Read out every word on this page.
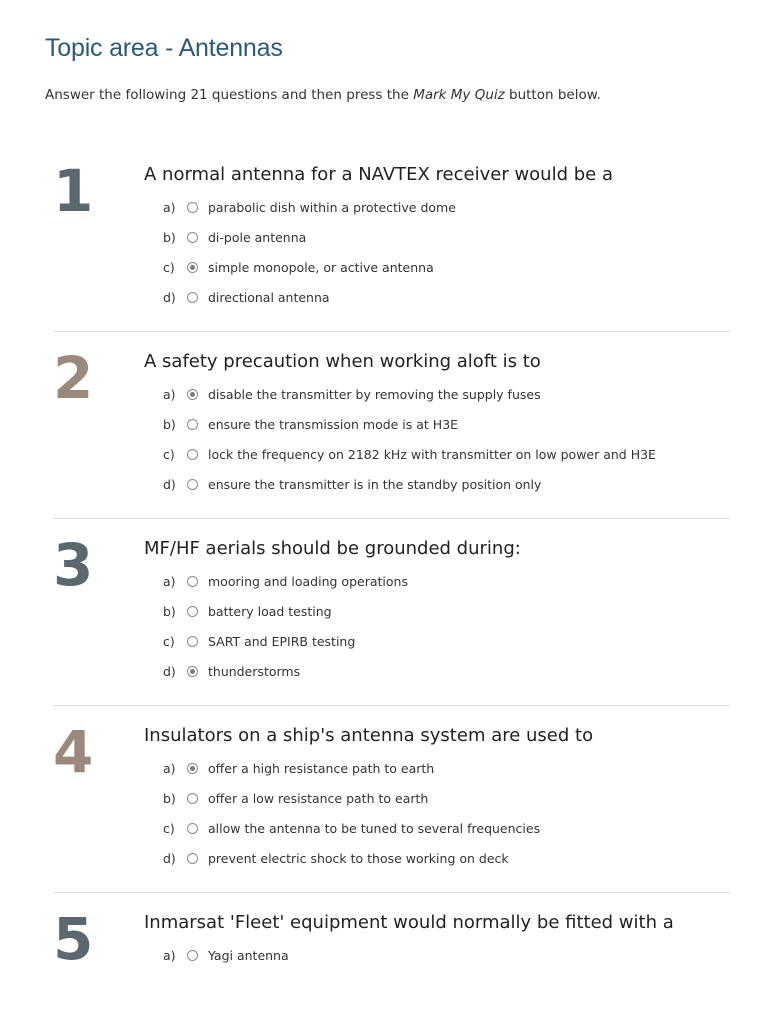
Topic area - Antennas

Answer the following 21 questions and then press the Mark My Quiz button below.

1	A normal antenna for a NAVTEX receiver would be a
a)	parabolic dish within a protective dome
b)	di-pole antenna
c)	simple monopole, or active antenna
d)	directional antenna
2	A safety precaution when working aloft is to
a)	disable the transmitter by removing the supply fuses
b)	ensure the transmission mode is at H3E
c)	lock the frequency on 2182 kHz with transmitter on low power and H3E
d)	ensure the transmitter is in the standby position only
3	MF/HF aerials should be grounded during:
a)	mooring and loading operations
b)	battery load testing
c)	SART and EPIRB testing
d)	thunderstorms
4	Insulators on a ship's antenna system are used to
a)	offer a high resistance path to earth
b)	offer a low resistance path to earth
c)	allow the antenna to be tuned to several frequencies
d)	prevent electric shock to those working on deck
5	Inmarsat 'Fleet' equipment would normally be fitted with a
a)	Yagi antenna
